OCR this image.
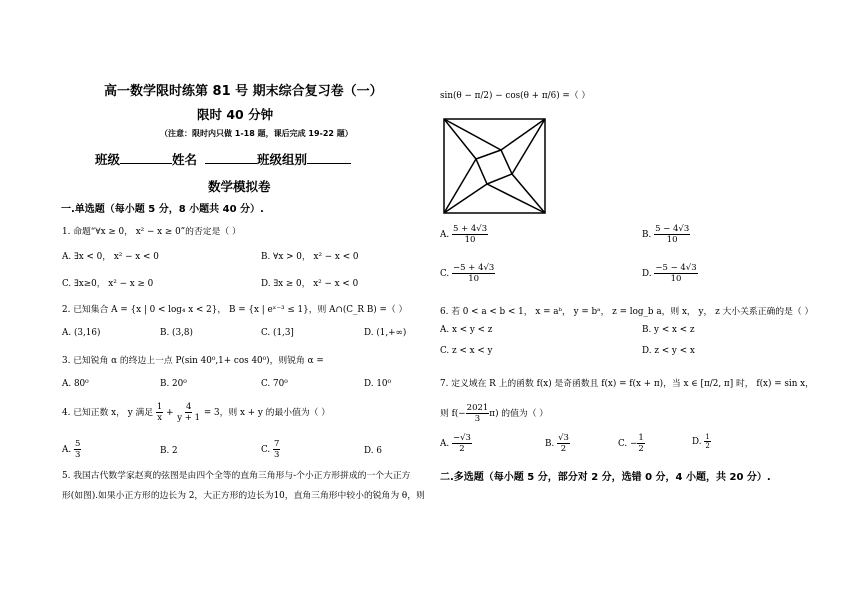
高一数学限时练第 81 号 期末综合复习卷（一）
限时 40 分钟
（注意：限时内只做 1-18 题，课后完成 19-22 题）
班级	姓名	班级组别
数学模拟卷
一.单选题（每小题 5 分，8 小题共 40 分）.
1. 命题“∀x ≥ 0， x² − x ≥ 0”的否定是（ ）
A. ∃x < 0， x² − x < 0	B. ∀x > 0， x² − x < 0
C. ∃x≥0， x² − x ≥ 0	D. ∃x ≥ 0， x² − x < 0
2. 已知集合 A = {x | 0 < log₄ x < 2}， B = {x | eˣ⁻³ ≤ 1}，则 A∩(C_R B) =（ ）
A. (3,16)	B. (3,8)	C. (1,3]	D. (1,+∞)
3. 已知锐角 α 的终边上一点 P(sin 40⁰,1+ cos 40⁰)，则锐角 α =
A. 80⁰	B. 20⁰	C. 70⁰	D. 10⁰
4. 已知正数 x， y 满足 $\frac{1}{x} + \frac{4}{y + 1} = 3$，则 x + y 的最小值为（ ）
A. $\frac{5}{3}$	B. 2	C. $\frac{7}{3}$	D. 6
5. 我国古代数学家赵爽的弦图是由四个全等的直角三角形与-个小正方形拼成的一个大正方
形(如图).如果小正方形的边长为 2，大正方形的边长为10，直角三角形中较小的锐角为 θ，则
sin(θ − π/2) − cos(θ + π/6) =（ ）
A. $\frac{5 + 4√3}{10}$	B. $\frac{5 - 4√3}{10}$
C. $\frac{-5 + 4√3}{10}$	D. $\frac{-5 - 4√3}{10}$
6. 若 0 < a < b < 1， x = aᵇ， y = bᵃ， z = log_b a，则 x， y， z 大小关系正确的是（ ）
A. x < y < z	B. y < x < z
C. z < x < y	D. z < y < x
7. 定义域在 R 上的函数 f(x) 是奇函数且 f(x) = f(x + π)，当 x ∈ [π/2, π] 时， f(x) = sin x，
则 $f(- \frac{2021}{3} \pi)$ 的值为（ ）
A. $\frac{-√3}{2}$	B. $\frac{√3}{2}$	C. − $\frac{1}{2}$	D. $\frac{1}{2}$
二.多选题（每小题 5 分，部分对 2 分，选错 0 分，4 小题，共 20 分）.
